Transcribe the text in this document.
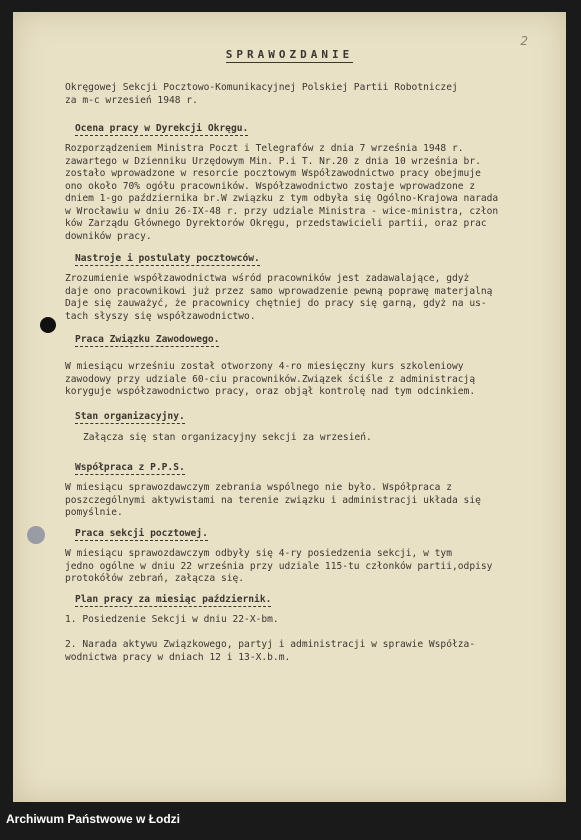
2
SPRAWOZDANIE
Okręgowej Sekcji Pocztowo-Komunikacyjnej Polskiej Partii Robotniczej
za m-c wrzesień 1948 r.
Ocena pracy w Dyrekcji Okręgu.
Rozporządzeniem Ministra Poczt i Telegrafów z dnia 7 września 1948 r.
zawartego w Dzienniku Urzędowym Min. P.i T. Nr.20 z dnia 10 września br.
zostało wprowadzone w resorcie pocztowym Współzawodnictwo pracy obejmuje
ono około 70% ogółu pracowników. Współzawodnictwo zostaje wprowadzone z
dniem 1-go października br.W związku z tym odbyła się Ogólno-Krajowa narada
w Wrocławiu w dniu 26-IX-48 r. przy udziale Ministra - wice-ministra, człon
ków Zarządu Głównego Dyrektorów Okręgu, przedstawicieli partii, oraz prac
downików pracy.
Nastroje i postulaty pocztowców.
Zrozumienie współzawodnictwa wśród pracowników jest zadawalające, gdyż
daje ono pracownikowi już przez samo wprowadzenie pewną poprawę materjalną
Daje się zauważyć, że pracownicy chętniej do pracy się garną, gdyż na us-
tach słyszy się współzawodnictwo.
Praca Związku Zawodowego.
W miesiącu wrześniu został otworzony 4-ro miesięczny kurs szkoleniowy
zawodowy przy udziale 60-ciu pracowników.Związek ściśle z administracją
koryguje współzawodnictwo pracy, oraz objął kontrolę nad tym odcinkiem.
Stan organizacyjny.
Załącza się stan organizacyjny sekcji za wrzesień.
Współpraca z P.P.S.
W miesiącu sprawozdawczym zebrania wspólnego nie było. Współpraca z
poszczególnymi aktywistami na terenie związku i administracji układa się
pomyślnie.
Praca sekcji pocztowej.
W miesiącu sprawozdawczym odbyły się 4-ry posiedzenia sekcji, w tym
jedno ogólne w dniu 22 września przy udziale 115-tu członków partii,odpisy
protokółów zebrań, załącza się.
Plan pracy za miesiąc październik.
1. Posiedzenie Sekcji w dniu 22-X-bm.

2. Narada aktywu Związkowego, partyj i administracji w sprawie Współza-
wodnictwa pracy w dniach 12 i 13-X.b.m.
Archiwum Państwowe w Łodzi
